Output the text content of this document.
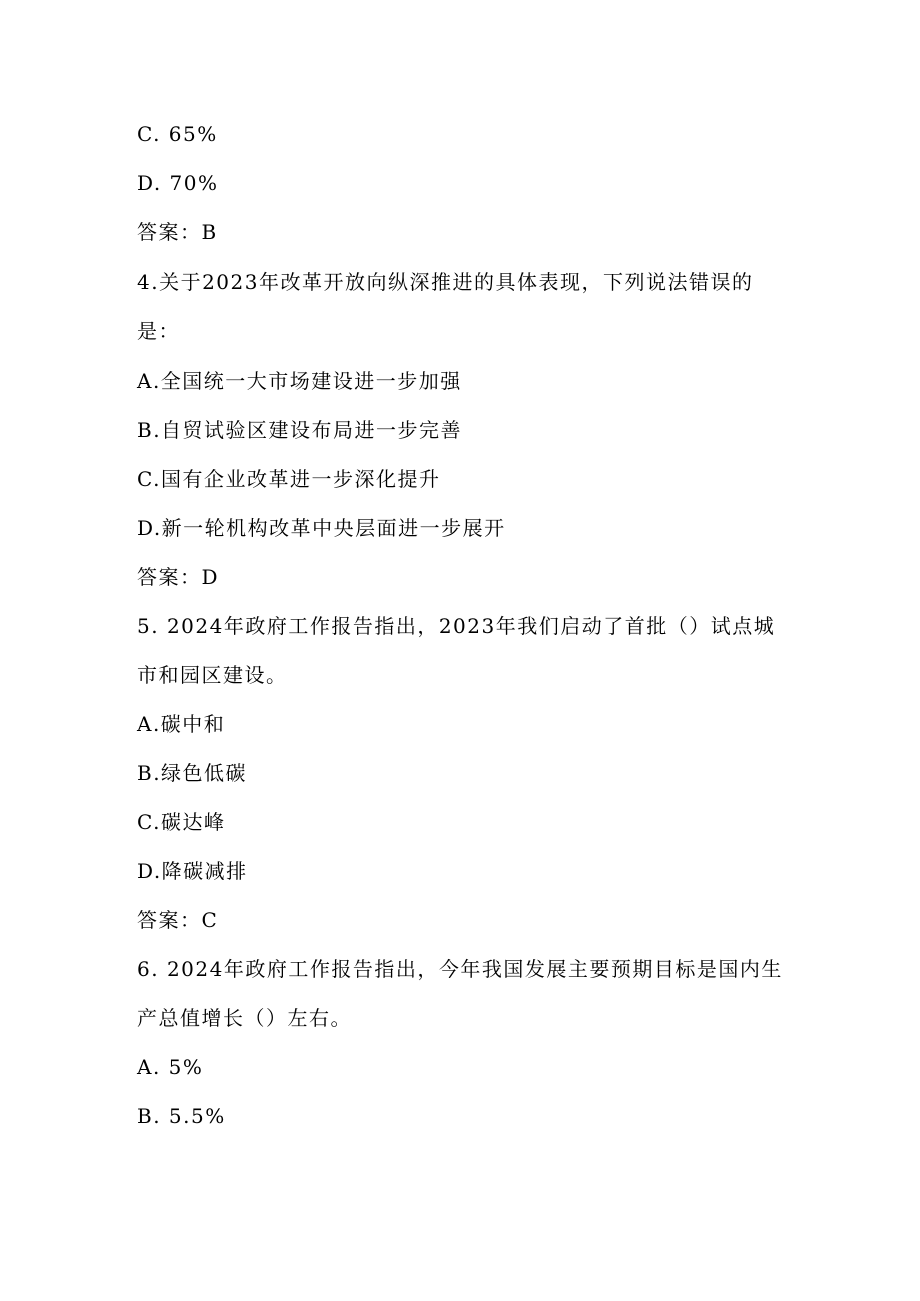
C. 65%
D. 70%
答案：B
4.关于2023年改革开放向纵深推进的具体表现，下列说法错误的
是：
A.全国统一大市场建设进一步加强
B.自贸试验区建设布局进一步完善
C.国有企业改革进一步深化提升
D.新一轮机构改革中央层面进一步展开
答案：D
5. 2024年政府工作报告指出，2023年我们启动了首批（）试点城
市和园区建设。
A.碳中和
B.绿色低碳
C.碳达峰
D.降碳减排
答案：C
6. 2024年政府工作报告指出，今年我国发展主要预期目标是国内生
产总值增长（）左右。
A. 5%
B. 5.5%
